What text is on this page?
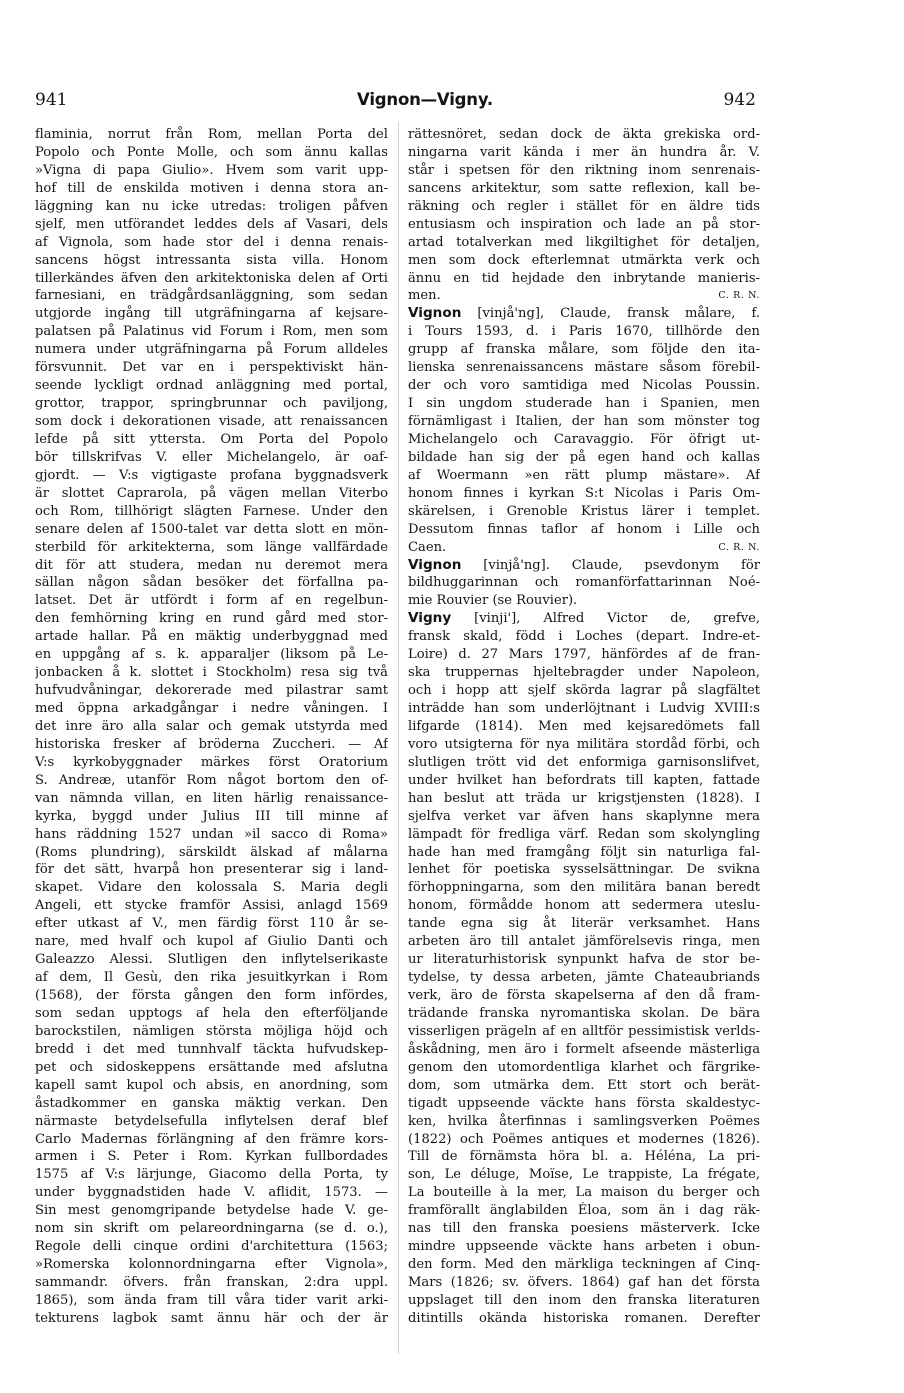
941	Vignon—Vigny.	942
flaminia, norrut från Rom, mellan Porta del
Popolo och Ponte Molle, och som ännu kallas
»Vigna di papa Giulio». Hvem som varit upp-
hof till de enskilda motiven i denna stora an-
läggning kan nu icke utredas: troligen påfven
sjelf, men utförandet leddes dels af Vasari, dels
af Vignola, som hade stor del i denna renais-
sancens högst intressanta sista villa. Honom
tillerkändes äfven den arkitektoniska delen af Orti
farnesiani, en trädgårdsanläggning, som sedan
utgjorde ingång till utgräfningarna af kejsare-
palatsen på Palatinus vid Forum i Rom, men som
numera under utgräfningarna på Forum alldeles
försvunnit. Det var en i perspektiviskt hän-
seende lyckligt ordnad anläggning med portal,
grottor, trappor, springbrunnar och paviljong,
som dock i dekorationen visade, att renaissancen
lefde på sitt yttersta. Om Porta del Popolo
bör tillskrifvas V. eller Michelangelo, är oaf-
gjordt. — V:s vigtigaste profana byggnadsverk
är slottet Caprarola, på vägen mellan Viterbo
och Rom, tillhörigt slägten Farnese. Under den
senare delen af 1500-talet var detta slott en mön-
sterbild för arkitekterna, som länge vallfärdade
dit för att studera, medan nu deremot mera
sällan någon sådan besöker det förfallna pa-
latset. Det är utfördt i form af en regelbun-
den femhörning kring en rund gård med stor-
artade hallar. På en mäktig underbyggnad med
en uppgång af s. k. apparaljer (liksom på Le-
jonbacken å k. slottet i Stockholm) resa sig två
hufvudvåningar, dekorerade med pilastrar samt
med öppna arkadgångar i nedre våningen. I
det inre äro alla salar och gemak utstyrda med
historiska fresker af bröderna Zuccheri. — Af
V:s kyrkobyggnader märkes först Oratorium
S. Andreæ, utanför Rom något bortom den of-
van nämnda villan, en liten härlig renaissance-
kyrka, byggd under Julius III till minne af
hans räddning 1527 undan »il sacco di Roma»
(Roms plundring), särskildt älskad af målarna
för det sätt, hvarpå hon presenterar sig i land-
skapet. Vidare den kolossala S. Maria degli
Angeli, ett stycke framför Assisi, anlagd 1569
efter utkast af V., men färdig först 110 år se-
nare, med hvalf och kupol af Giulio Danti och
Galeazzo Alessi. Slutligen den inflytelserikaste
af dem, Il Gesù, den rika jesuitkyrkan i Rom
(1568), der första gången den form infördes,
som sedan upptogs af hela den efterföljande
barockstilen, nämligen största möjliga höjd och
bredd i det med tunnhvalf täckta hufvudskep-
pet och sidoskeppens ersättande med afslutna
kapell samt kupol och absis, en anordning, som
åstadkommer en ganska mäktig verkan. Den
närmaste betydelsefulla inflytelsen deraf blef
Carlo Madernas förlängning af den främre kors-
armen i S. Peter i Rom. Kyrkan fullbordades
1575 af V:s lärjunge, Giacomo della Porta, ty
under byggnadstiden hade V. aflidit, 1573. —
Sin mest genomgripande betydelse hade V. ge-
nom sin skrift om pelareordningarna (se d. o.),
Regole delli cinque ordini d'architettura (1563;
»Romerska kolonnordningarna efter Vignola»,
sammandr. öfvers. från franskan, 2:dra uppl.
1865), som ända fram till våra tider varit arki-
tekturens lagbok samt ännu här och der är
rättesnöret, sedan dock de äkta grekiska ord-
ningarna varit kända i mer än hundra år. V.
står i spetsen för den riktning inom senrenais-
sancens arkitektur, som satte reflexion, kall be-
räkning och regler i stället för en äldre tids
entusiasm och inspiration och lade an på stor-
artad totalverkan med likgiltighet för detaljen,
men som dock efterlemnat utmärkta verk och
ännu en tid hejdade den inbrytande manieris-
men.	C. R. N.
Vignon [vinjå'ng], Claude, fransk målare, f.
i Tours 1593, d. i Paris 1670, tillhörde den
grupp af franska målare, som följde den ita-
lienska senrenaissancens mästare såsom förebil-
der och voro samtidiga med Nicolas Poussin.
I sin ungdom studerade han i Spanien, men
förnämligast i Italien, der han som mönster tog
Michelangelo och Caravaggio. För öfrigt ut-
bildade han sig der på egen hand och kallas
af Woermann »en rätt plump mästare». Af
honom finnes i kyrkan S:t Nicolas i Paris Om-
skärelsen, i Grenoble Kristus lärer i templet.
Dessutom finnas taflor af honom i Lille och
Caen.	C. R. N.
Vignon [vinjå'ng]. Claude, psevdonym för
bildhuggarinnan och romanförfattarinnan Noé-
mie Rouvier (se Rouvier).
Vigny [vinji'], Alfred Victor de, grefve,
fransk skald, född i Loches (depart. Indre-et-
Loire) d. 27 Mars 1797, hänfördes af de fran-
ska truppernas hjeltebragder under Napoleon,
och i hopp att sjelf skörda lagrar på slagfältet
inträdde han som underlöjtnant i Ludvig XVIII:s
lifgarde (1814). Men med kejsaredömets fall
voro utsigterna för nya militära stordåd förbi, och
slutligen trött vid det enformiga garnisonslifvet,
under hvilket han befordrats till kapten, fattade
han beslut att träda ur krigstjensten (1828). I
sjelfva verket var äfven hans skaplynne mera
lämpadt för fredliga värf. Redan som skolyngling
hade han med framgång följt sin naturliga fal-
lenhet för poetiska sysselsättningar. De svikna
förhoppningarna, som den militära banan beredt
honom, förmådde honom att sedermera uteslu-
tande egna sig åt literär verksamhet. Hans
arbeten äro till antalet jämförelsevis ringa, men
ur literaturhistorisk synpunkt hafva de stor be-
tydelse, ty dessa arbeten, jämte Chateaubriands
verk, äro de första skapelserna af den då fram-
trädande franska nyromantiska skolan. De bära
visserligen prägeln af en alltför pessimistisk verlds-
åskådning, men äro i formelt afseende mästerliga
genom den utomordentliga klarhet och färgrike-
dom, som utmärka dem. Ett stort och berät-
tigadt uppseende väckte hans första skaldestyc-
ken, hvilka återfinnas i samlingsverken Poëmes
(1822) och Poëmes antiques et modernes (1826).
Till de förnämsta höra bl. a. Héléna, La pri-
son, Le déluge, Moïse, Le trappiste, La frégate,
La bouteille à la mer, La maison du berger och
framförallt änglabilden Éloa, som än i dag räk-
nas till den franska poesiens mästerverk. Icke
mindre uppseende väckte hans arbeten i obun-
den form. Med den märkliga teckningen af Cinq-
Mars (1826; sv. öfvers. 1864) gaf han det första
uppslaget till den inom den franska literaturen
ditintills okända historiska romanen. Derefter
